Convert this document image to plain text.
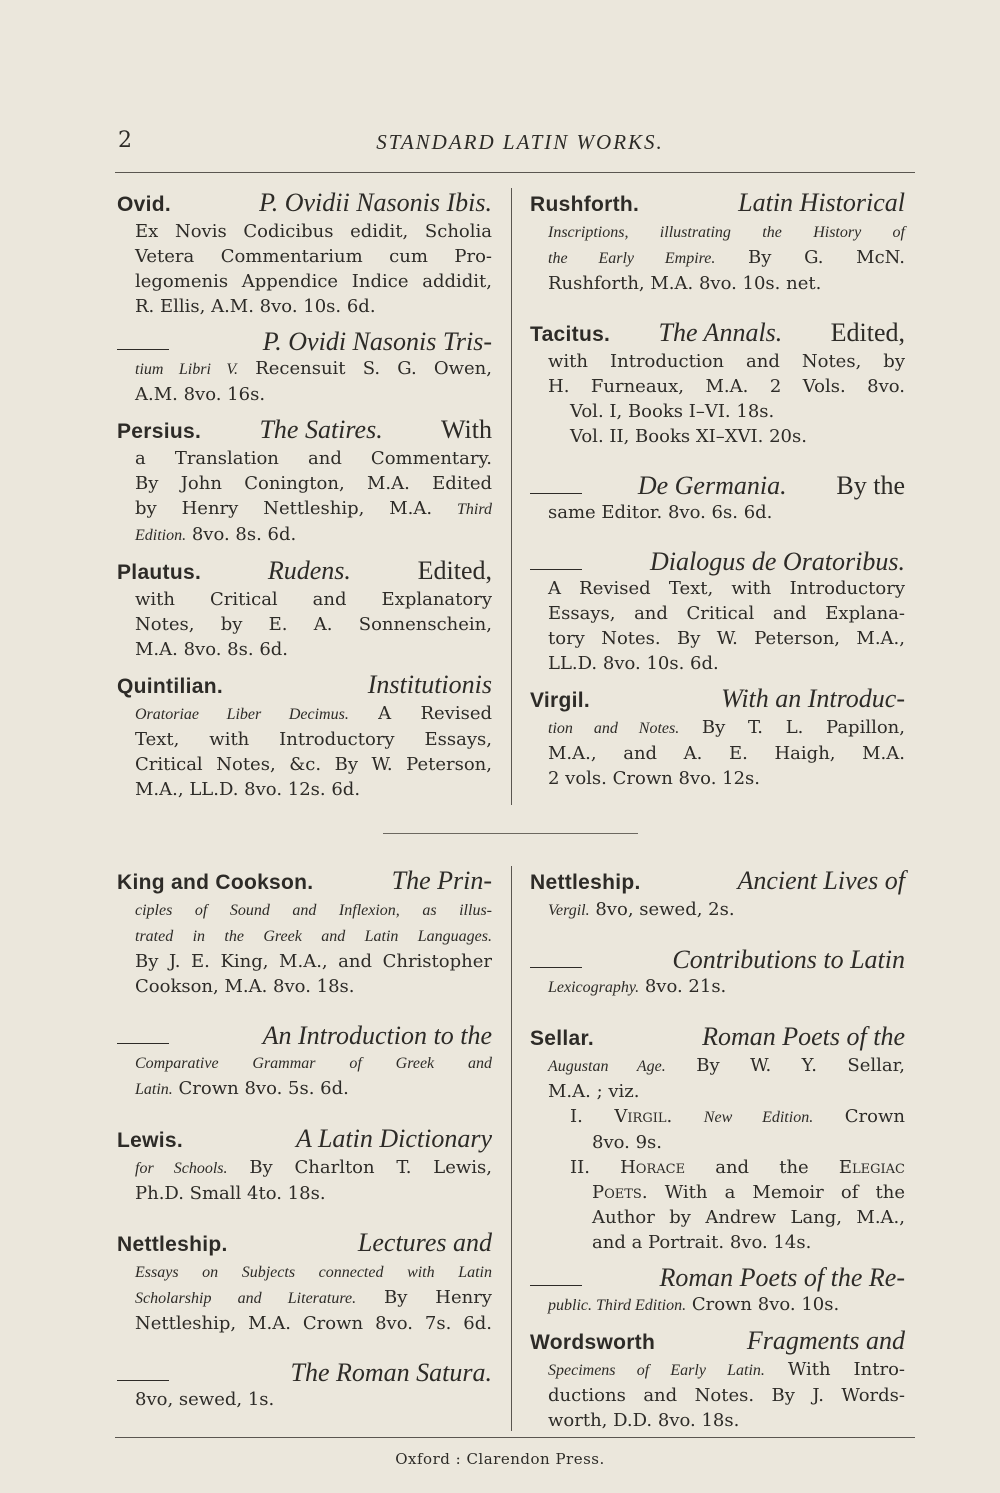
2	STANDARD LATIN WORKS.
Ovid.	P. Ovidii Nasonis Ibis.
Ex Novis Codicibus edidit, Scholia
Vetera Commentarium cum Pro-
legomenis Appendice Indice addidit,
R. Ellis, A.M. 8vo. 10s. 6d.
P. Ovidi Nasonis Tris-
tium Libri V. Recensuit S. G. Owen,
A.M. 8vo. 16s.
Persius. The Satires. With
a Translation and Commentary.
By John Conington, M.A. Edited
by Henry Nettleship, M.A. Third
Edition. 8vo. 8s. 6d.
Plautus.	Rudens.	Edited,
with Critical and Explanatory
Notes, by E. A. Sonnenschein,
M.A. 8vo. 8s. 6d.
Quintilian.	Institutionis
Oratoriae Liber Decimus. A Revised
Text, with Introductory Essays,
Critical Notes, &c. By W. Peterson,
M.A., LL.D. 8vo. 12s. 6d.
Rushforth.	Latin Historical
Inscriptions, illustrating the History of
the Early Empire. By G. McN.
Rushforth, M.A. 8vo. 10s. net.
Tacitus. The Annals. Edited,
with Introduction and Notes, by
H. Furneaux, M.A. 2 Vols. 8vo.
Vol. I, Books I–VI. 18s.
Vol. II, Books XI–XVI. 20s.
De Germania. By the
same Editor. 8vo. 6s. 6d.
Dialogus de Oratoribus.
A Revised Text, with Introductory
Essays, and Critical and Explana-
tory Notes. By W. Peterson, M.A.,
LL.D. 8vo. 10s. 6d.
Virgil.	With an Introduc-
tion and Notes. By T. L. Papillon,
M.A., and A. E. Haigh, M.A.
2 vols. Crown 8vo. 12s.
King and Cookson.	The Prin-
ciples of Sound and Inflexion, as illus-
trated in the Greek and Latin Languages.
By J. E. King, M.A., and Christopher
Cookson, M.A. 8vo. 18s.
An Introduction to the
Comparative Grammar of Greek and
Latin. Crown 8vo. 5s. 6d.
Lewis.	A Latin Dictionary
for Schools. By Charlton T. Lewis,
Ph.D. Small 4to. 18s.
Nettleship.	Lectures and
Essays on Subjects connected with Latin
Scholarship and Literature. By Henry
Nettleship, M.A. Crown 8vo. 7s. 6d.
The Roman Satura.
8vo, sewed, 1s.
Nettleship.	Ancient Lives of
Vergil. 8vo, sewed, 2s.
Contributions to Latin
Lexicography. 8vo. 21s.
Sellar.	Roman Poets of the
Augustan Age. By W. Y. Sellar,
M.A. ; viz.
I. Virgil. New Edition. Crown
8vo. 9s.
II. Horace and the Elegiac
Poets. With a Memoir of the
Author by Andrew Lang, M.A.,
and a Portrait. 8vo. 14s.
Roman Poets of the Re-
public. Third Edition. Crown 8vo. 10s.
Wordsworth	Fragments and
Specimens of Early Latin. With Intro-
ductions and Notes. By J. Words-
worth, D.D. 8vo. 18s.
Oxford : Clarendon Press.
